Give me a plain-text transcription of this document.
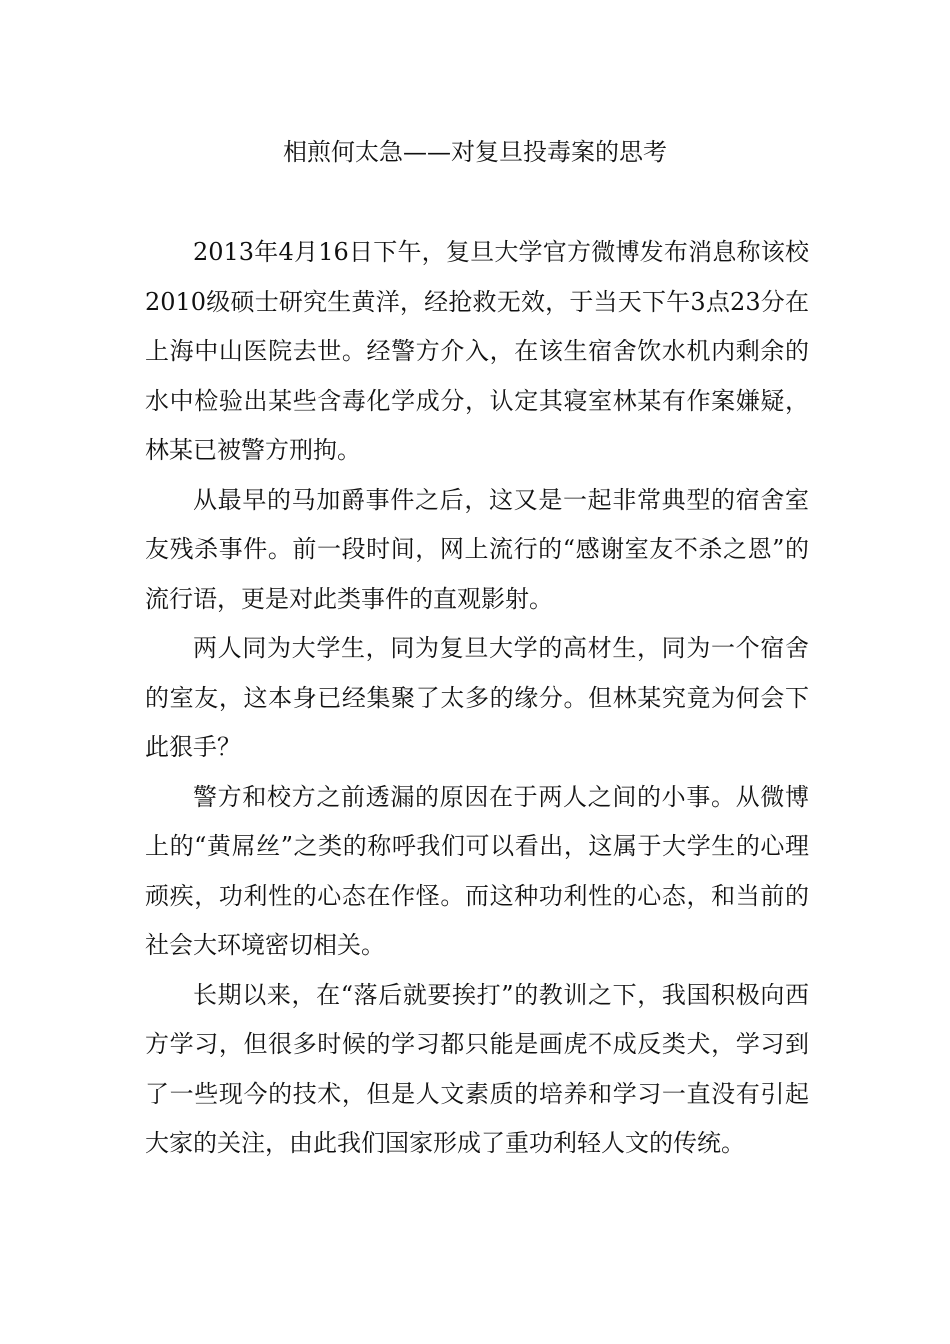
相煎何太急——对复旦投毒案的思考

2013年4月16日下午，复旦大学官方微博发布消息称该校2010级硕士研究生黄洋，经抢救无效，于当天下午3点23分在上海中山医院去世。经警方介入，在该生宿舍饮水机内剩余的水中检验出某些含毒化学成分，认定其寝室林某有作案嫌疑，林某已被警方刑拘。

从最早的马加爵事件之后，这又是一起非常典型的宿舍室友残杀事件。前一段时间，网上流行的“感谢室友不杀之恩”的流行语，更是对此类事件的直观影射。

两人同为大学生，同为复旦大学的高材生，同为一个宿舍的室友，这本身已经集聚了太多的缘分。但林某究竟为何会下此狠手？

警方和校方之前透漏的原因在于两人之间的小事。从微博上的“黄屌丝”之类的称呼我们可以看出，这属于大学生的心理顽疾，功利性的心态在作怪。而这种功利性的心态，和当前的社会大环境密切相关。

长期以来，在“落后就要挨打”的教训之下，我国积极向西方学习，但很多时候的学习都只能是画虎不成反类犬，学习到了一些现今的技术，但是人文素质的培养和学习一直没有引起大家的关注，由此我们国家形成了重功利轻人文的传统。
